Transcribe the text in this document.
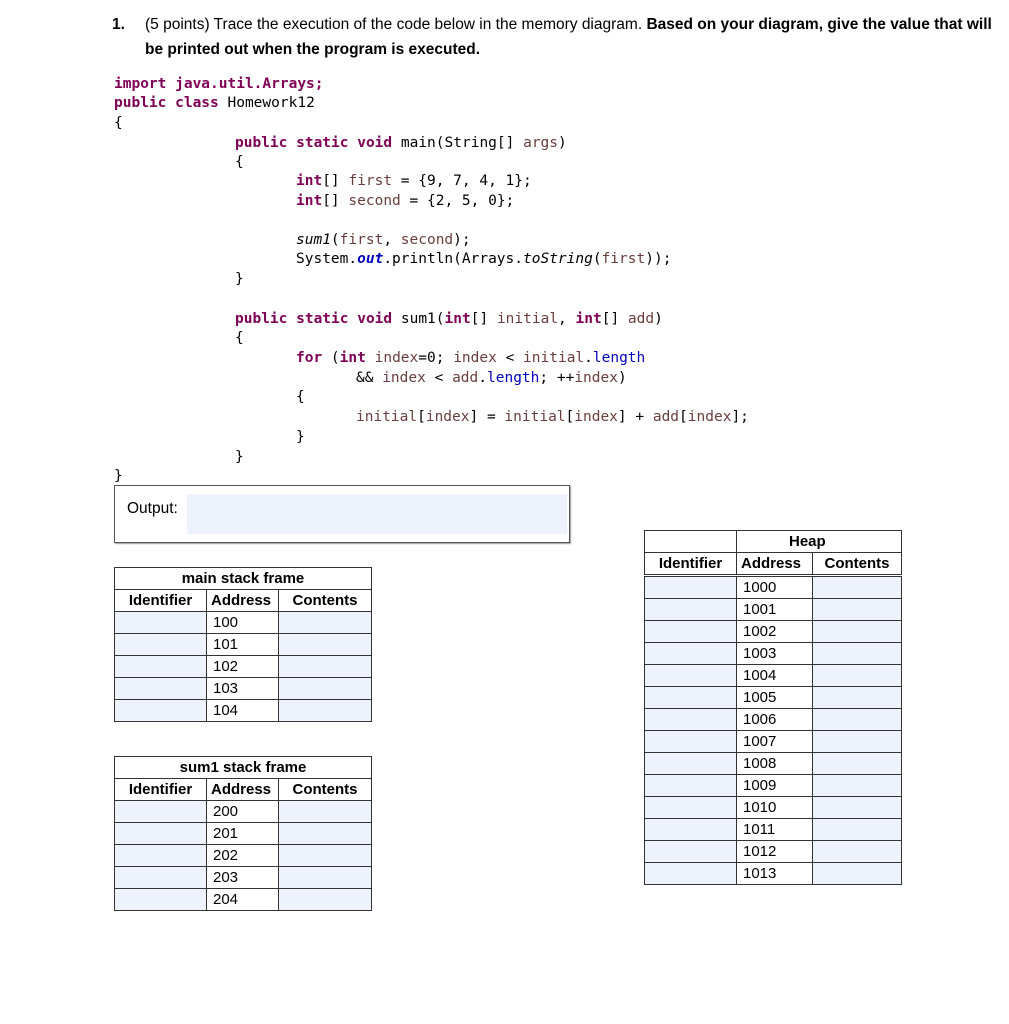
1. (5 points) Trace the execution of the code below in the memory diagram. Based on your diagram, give the value that will be printed out when the program is executed.
import java.util.Arrays;
public class Homework12
{
public static void main(String[] args)
{
int[] first = {9, 7, 4, 1};
int[] second = {2, 5, 0};
sum1(first, second);
System.out.println(Arrays.toString(first));
}
public static void sum1(int[] initial, int[] add)
{
for (int index=0; index < initial.length
&& index < add.length; ++index)
{
initial[index] = initial[index] + add[index];
}
}
}
Output:
main stack frame		
Identifier	Address	Contents
	100	
	101	
	102	
	103	
	104	
sum1 stack frame		
Identifier	Address	Contents
	200	
	201	
	202	
	203	
	204	
	Heap	
Identifier	Address	Contents
	1000	
	1001	
	1002	
	1003	
	1004	
	1005	
	1006	
	1007	
	1008	
	1009	
	1010	
	1011	
	1012	
	1013	
